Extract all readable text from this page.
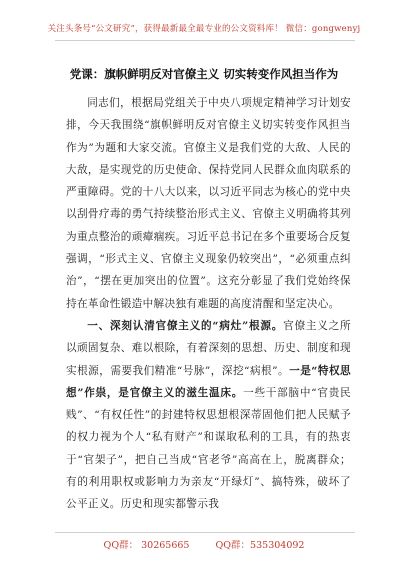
关注头条号“公文研究”，获得最新最全最专业的公文资料库！ 微信：gongwenyj
党课：旗帜鲜明反对官僚主义 切实转变作风担当作为

同志们，根据局党组关于中央八项规定精神学习计划安排，今天我围绕“旗帜鲜明反对官僚主义切实转变作风担当作为”为题和大家交流。官僚主义是我们党的大敌、人民的大敌，是实现党的历史使命、保持党同人民群众血肉联系的严重障碍。党的十八大以来，以习近平同志为核心的党中央以刮骨疗毒的勇气持续整治形式主义、官僚主义明确将其列为重点整治的顽瘴痼疾。习近平总书记在多个重要场合反复强调，“形式主义、官僚主义现象仍较突出”，“必须重点纠治”，“摆在更加突出的位置”。这充分彰显了我们党始终保持在革命性锻造中解决独有难题的高度清醒和坚定决心。

一、深刻认清官僚主义的“病灶”根源。官僚主义之所以顽固复杂、难以根除，有着深刻的思想、历史、制度和现实根源，需要我们精准“号脉”，深挖“病根”。一是“特权思想”作祟，是官僚主义的滋生温床。一些干部脑中“官贵民贱”、“有权任性”的封建特权思想根深蒂固他们把人民赋予的权力视为个人“私有财产”和谋取私利的工具，有的热衷于“官架子”，把自己当成“官老爷”高高在上，脱离群众；有的利用职权或影响力为亲友“开绿灯”、搞特殊，破坏了公平正义。历史和现实都警示我

QQ群： 30265665	QQ群：535304092
